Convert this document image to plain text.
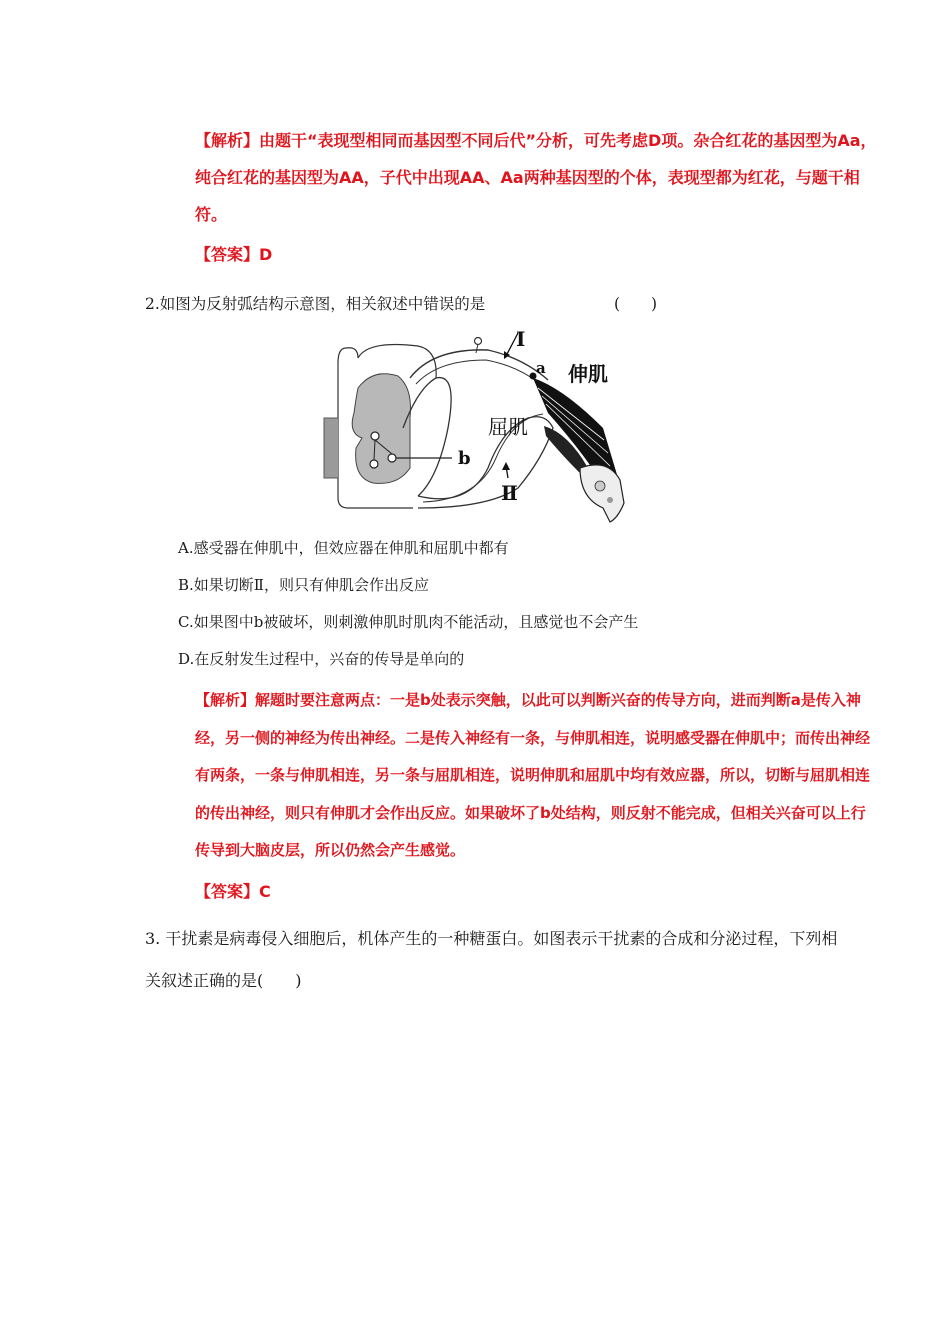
【解析】由题干“表现型相同而基因型不同后代”分析，可先考虑D项。杂合红花的基因型为Aa，纯合红花的基因型为AA，子代中出现AA、Aa两种基因型的个体，表现型都为红花，与题干相符。
【答案】D
2.如图为反射弧结构示意图，相关叙述中错误的是	(　　)
Ⅰ
a 伸肌
屈肌
b
Ⅱ
A.感受器在伸肌中，但效应器在伸肌和屈肌中都有
B.如果切断Ⅱ，则只有伸肌会作出反应
C.如果图中b被破坏，则刺激伸肌时肌肉不能活动，且感觉也不会产生
D.在反射发生过程中，兴奋的传导是单向的
【解析】解题时要注意两点：一是b处表示突触，以此可以判断兴奋的传导方向，进而判断a是传入神经，另一侧的神经为传出神经。二是传入神经有一条，与伸肌相连，说明感受器在伸肌中；而传出神经有两条，一条与伸肌相连，另一条与屈肌相连，说明伸肌和屈肌中均有效应器，所以，切断与屈肌相连的传出神经，则只有伸肌才会作出反应。如果破坏了b处结构，则反射不能完成，但相关兴奋可以上行传导到大脑皮层，所以仍然会产生感觉。
【答案】C
3. 干扰素是病毒侵入细胞后，机体产生的一种糖蛋白。如图表示干扰素的合成和分泌过程，下列相关叙述正确的是(　　)
